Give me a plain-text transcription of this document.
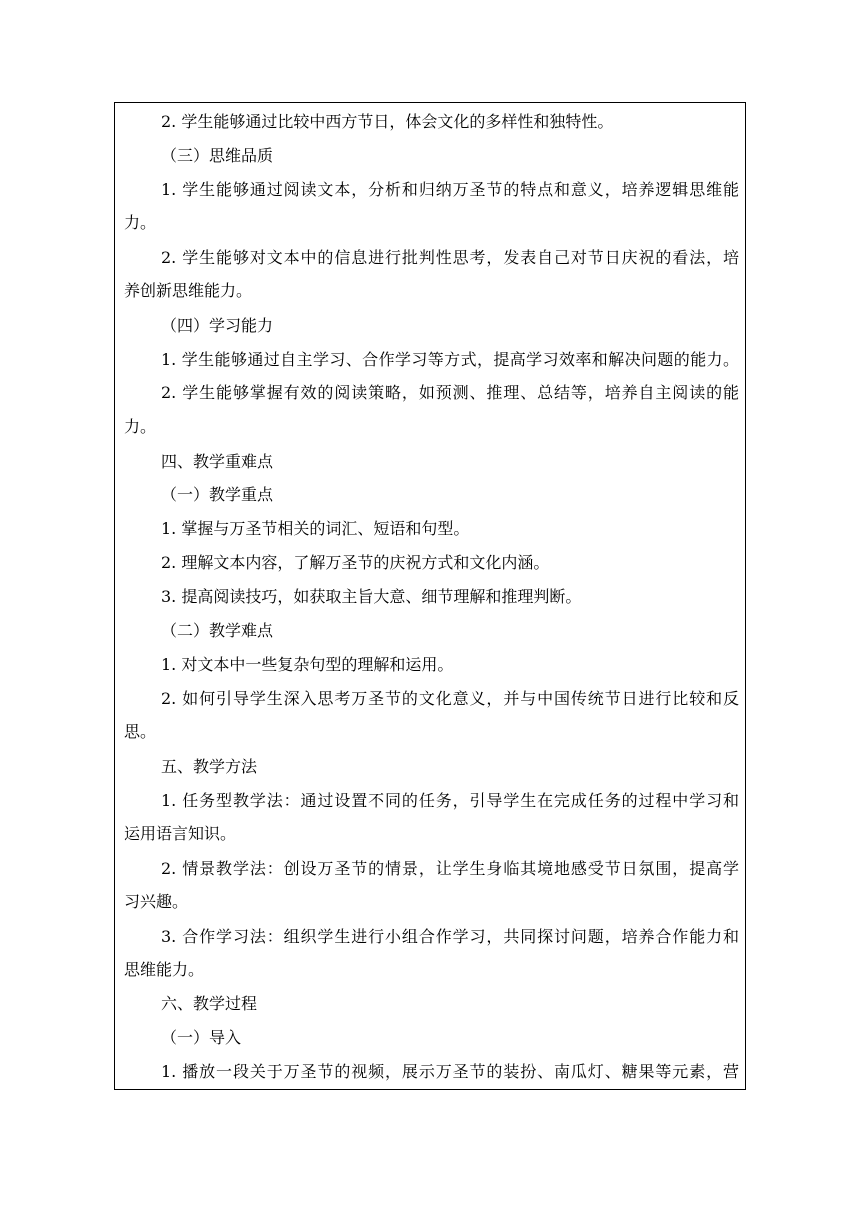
2. 学生能够通过比较中西方节日，体会文化的多样性和独特性。
（三）思维品质
1. 学生能够通过阅读文本，分析和归纳万圣节的特点和意义，培养逻辑思维能
力。
2. 学生能够对文本中的信息进行批判性思考，发表自己对节日庆祝的看法，培
养创新思维能力。
（四）学习能力
1. 学生能够通过自主学习、合作学习等方式，提高学习效率和解决问题的能力。
2. 学生能够掌握有效的阅读策略，如预测、推理、总结等，培养自主阅读的能
力。
四、教学重难点
（一）教学重点
1. 掌握与万圣节相关的词汇、短语和句型。
2. 理解文本内容，了解万圣节的庆祝方式和文化内涵。
3. 提高阅读技巧，如获取主旨大意、细节理解和推理判断。
（二）教学难点
1. 对文本中一些复杂句型的理解和运用。
2. 如何引导学生深入思考万圣节的文化意义，并与中国传统节日进行比较和反
思。
五、教学方法
1. 任务型教学法：通过设置不同的任务，引导学生在完成任务的过程中学习和
运用语言知识。
2. 情景教学法：创设万圣节的情景，让学生身临其境地感受节日氛围，提高学
习兴趣。
3. 合作学习法：组织学生进行小组合作学习，共同探讨问题，培养合作能力和
思维能力。
六、教学过程
（一）导入
1. 播放一段关于万圣节的视频，展示万圣节的装扮、南瓜灯、糖果等元素，营
